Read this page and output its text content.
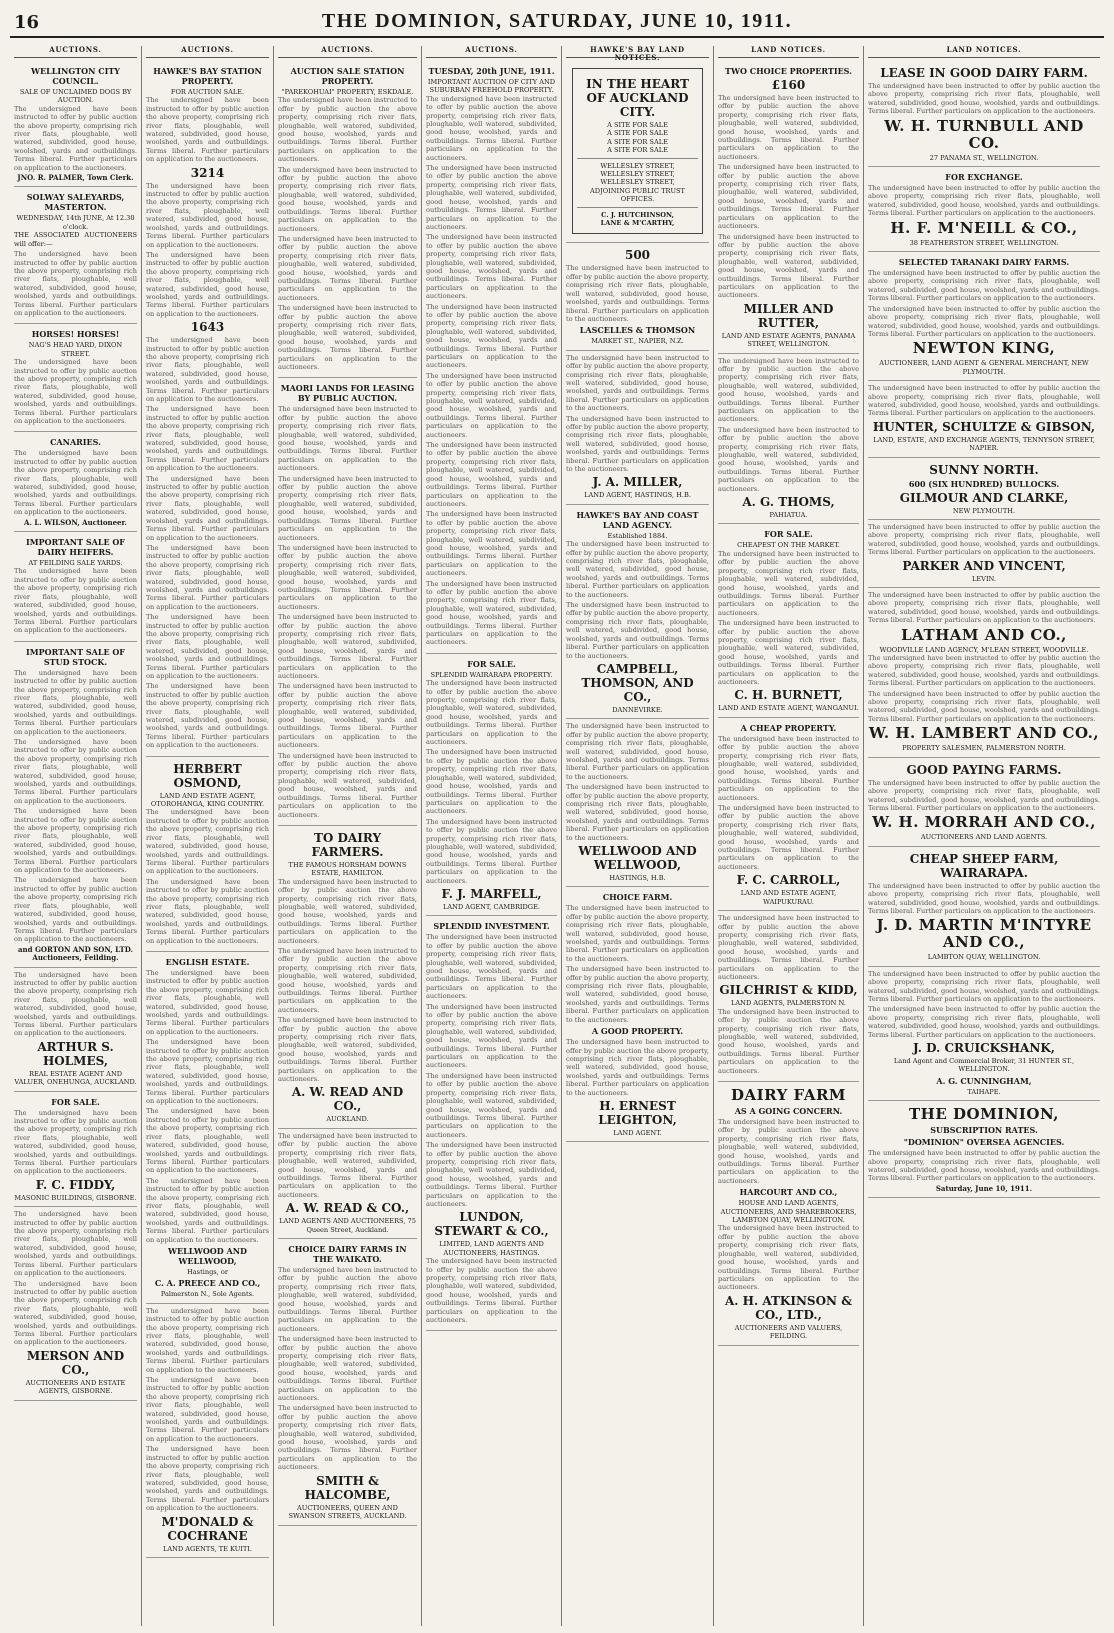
16	THE DOMINION, SATURDAY, JUNE 10, 1911.
AUCTIONS.
WELLINGTON CITY COUNCIL.
SALE OF UNCLAIMED DOGS BY AUCTION.

The undersigned have been instructed to offer by public auction the above property, comprising rich river flats, ploughable, well watered, subdivided, good house, woolshed, yards and outbuildings. Terms liberal. Further particulars on application to the auctioneers.

JNO. R. PALMER, Town Clerk.
SOLWAY SALEYARDS, MASTERTON.
WEDNESDAY, 14th JUNE, At 12.30 o'clock.

THE ASSOCIATED AUCTIONEERS will offer:—

The undersigned have been instructed to offer by public auction the above property, comprising rich river flats, ploughable, well watered, subdivided, good house, woolshed, yards and outbuildings. Terms liberal. Further particulars on application to the auctioneers.

HORSES! HORSES!
NAG'S HEAD YARD, DIXON STREET.

The undersigned have been instructed to offer by public auction the above property, comprising rich river flats, ploughable, well watered, subdivided, good house, woolshed, yards and outbuildings. Terms liberal. Further particulars on application to the auctioneers.

CANARIES.

The undersigned have been instructed to offer by public auction the above property, comprising rich river flats, ploughable, well watered, subdivided, good house, woolshed, yards and outbuildings. Terms liberal. Further particulars on application to the auctioneers.

A. L. WILSON, Auctioneer.
IMPORTANT SALE OF DAIRY HEIFERS.
AT FEILDING SALE YARDS.

The undersigned have been instructed to offer by public auction the above property, comprising rich river flats, ploughable, well watered, subdivided, good house, woolshed, yards and outbuildings. Terms liberal. Further particulars on application to the auctioneers.

IMPORTANT SALE OF STUD STOCK.

The undersigned have been instructed to offer by public auction the above property, comprising rich river flats, ploughable, well watered, subdivided, good house, woolshed, yards and outbuildings. Terms liberal. Further particulars on application to the auctioneers.

The undersigned have been instructed to offer by public auction the above property, comprising rich river flats, ploughable, well watered, subdivided, good house, woolshed, yards and outbuildings. Terms liberal. Further particulars on application to the auctioneers.

The undersigned have been instructed to offer by public auction the above property, comprising rich river flats, ploughable, well watered, subdivided, good house, woolshed, yards and outbuildings. Terms liberal. Further particulars on application to the auctioneers.

The undersigned have been instructed to offer by public auction the above property, comprising rich river flats, ploughable, well watered, subdivided, good house, woolshed, yards and outbuildings. Terms liberal. Further particulars on application to the auctioneers.

and GORTON AND SON, LTD. Auctioneers, Feilding.

The undersigned have been instructed to offer by public auction the above property, comprising rich river flats, ploughable, well watered, subdivided, good house, woolshed, yards and outbuildings. Terms liberal. Further particulars on application to the auctioneers.

ARTHUR S. HOLMES,
REAL ESTATE AGENT AND VALUER, ONEHUNGA, AUCKLAND.
FOR SALE.

The undersigned have been instructed to offer by public auction the above property, comprising rich river flats, ploughable, well watered, subdivided, good house, woolshed, yards and outbuildings. Terms liberal. Further particulars on application to the auctioneers.

F. C. FIDDY,
MASONIC BUILDINGS, GISBORNE.

The undersigned have been instructed to offer by public auction the above property, comprising rich river flats, ploughable, well watered, subdivided, good house, woolshed, yards and outbuildings. Terms liberal. Further particulars on application to the auctioneers.

The undersigned have been instructed to offer by public auction the above property, comprising rich river flats, ploughable, well watered, subdivided, good house, woolshed, yards and outbuildings. Terms liberal. Further particulars on application to the auctioneers.

MERSON AND CO.,
AUCTIONEERS AND ESTATE AGENTS, GISBORNE.
AUCTIONS.
HAWKE'S BAY STATION PROPERTY.
FOR AUCTION SALE.

The undersigned have been instructed to offer by public auction the above property, comprising rich river flats, ploughable, well watered, subdivided, good house, woolshed, yards and outbuildings. Terms liberal. Further particulars on application to the auctioneers.

3214

The undersigned have been instructed to offer by public auction the above property, comprising rich river flats, ploughable, well watered, subdivided, good house, woolshed, yards and outbuildings. Terms liberal. Further particulars on application to the auctioneers.

The undersigned have been instructed to offer by public auction the above property, comprising rich river flats, ploughable, well watered, subdivided, good house, woolshed, yards and outbuildings. Terms liberal. Further particulars on application to the auctioneers.

1643

The undersigned have been instructed to offer by public auction the above property, comprising rich river flats, ploughable, well watered, subdivided, good house, woolshed, yards and outbuildings. Terms liberal. Further particulars on application to the auctioneers.

The undersigned have been instructed to offer by public auction the above property, comprising rich river flats, ploughable, well watered, subdivided, good house, woolshed, yards and outbuildings. Terms liberal. Further particulars on application to the auctioneers.

The undersigned have been instructed to offer by public auction the above property, comprising rich river flats, ploughable, well watered, subdivided, good house, woolshed, yards and outbuildings. Terms liberal. Further particulars on application to the auctioneers.

The undersigned have been instructed to offer by public auction the above property, comprising rich river flats, ploughable, well watered, subdivided, good house, woolshed, yards and outbuildings. Terms liberal. Further particulars on application to the auctioneers.

The undersigned have been instructed to offer by public auction the above property, comprising rich river flats, ploughable, well watered, subdivided, good house, woolshed, yards and outbuildings. Terms liberal. Further particulars on application to the auctioneers.

The undersigned have been instructed to offer by public auction the above property, comprising rich river flats, ploughable, well watered, subdivided, good house, woolshed, yards and outbuildings. Terms liberal. Further particulars on application to the auctioneers.

HERBERT OSMOND,
LAND AND ESTATE AGENT, OTOROHANGA, KING COUNTRY.

The undersigned have been instructed to offer by public auction the above property, comprising rich river flats, ploughable, well watered, subdivided, good house, woolshed, yards and outbuildings. Terms liberal. Further particulars on application to the auctioneers.

The undersigned have been instructed to offer by public auction the above property, comprising rich river flats, ploughable, well watered, subdivided, good house, woolshed, yards and outbuildings. Terms liberal. Further particulars on application to the auctioneers.

ENGLISH ESTATE.

The undersigned have been instructed to offer by public auction the above property, comprising rich river flats, ploughable, well watered, subdivided, good house, woolshed, yards and outbuildings. Terms liberal. Further particulars on application to the auctioneers.

The undersigned have been instructed to offer by public auction the above property, comprising rich river flats, ploughable, well watered, subdivided, good house, woolshed, yards and outbuildings. Terms liberal. Further particulars on application to the auctioneers.

The undersigned have been instructed to offer by public auction the above property, comprising rich river flats, ploughable, well watered, subdivided, good house, woolshed, yards and outbuildings. Terms liberal. Further particulars on application to the auctioneers.

The undersigned have been instructed to offer by public auction the above property, comprising rich river flats, ploughable, well watered, subdivided, good house, woolshed, yards and outbuildings. Terms liberal. Further particulars on application to the auctioneers.

WELLWOOD AND WELLWOOD,
Hastings, or
C. A. PREECE AND CO.,
Palmerston N., Sole Agents.

The undersigned have been instructed to offer by public auction the above property, comprising rich river flats, ploughable, well watered, subdivided, good house, woolshed, yards and outbuildings. Terms liberal. Further particulars on application to the auctioneers.

The undersigned have been instructed to offer by public auction the above property, comprising rich river flats, ploughable, well watered, subdivided, good house, woolshed, yards and outbuildings. Terms liberal. Further particulars on application to the auctioneers.

The undersigned have been instructed to offer by public auction the above property, comprising rich river flats, ploughable, well watered, subdivided, good house, woolshed, yards and outbuildings. Terms liberal. Further particulars on application to the auctioneers.

M'DONALD & COCHRANE
LAND AGENTS, TE KUITI.
AUCTIONS.
AUCTION SALE STATION PROPERTY.
"PAREKOHUAI" PROPERTY, ESKDALE.

The undersigned have been instructed to offer by public auction the above property, comprising rich river flats, ploughable, well watered, subdivided, good house, woolshed, yards and outbuildings. Terms liberal. Further particulars on application to the auctioneers.

The undersigned have been instructed to offer by public auction the above property, comprising rich river flats, ploughable, well watered, subdivided, good house, woolshed, yards and outbuildings. Terms liberal. Further particulars on application to the auctioneers.

The undersigned have been instructed to offer by public auction the above property, comprising rich river flats, ploughable, well watered, subdivided, good house, woolshed, yards and outbuildings. Terms liberal. Further particulars on application to the auctioneers.

The undersigned have been instructed to offer by public auction the above property, comprising rich river flats, ploughable, well watered, subdivided, good house, woolshed, yards and outbuildings. Terms liberal. Further particulars on application to the auctioneers.

MAORI LANDS FOR LEASING BY PUBLIC AUCTION.

The undersigned have been instructed to offer by public auction the above property, comprising rich river flats, ploughable, well watered, subdivided, good house, woolshed, yards and outbuildings. Terms liberal. Further particulars on application to the auctioneers.

The undersigned have been instructed to offer by public auction the above property, comprising rich river flats, ploughable, well watered, subdivided, good house, woolshed, yards and outbuildings. Terms liberal. Further particulars on application to the auctioneers.

The undersigned have been instructed to offer by public auction the above property, comprising rich river flats, ploughable, well watered, subdivided, good house, woolshed, yards and outbuildings. Terms liberal. Further particulars on application to the auctioneers.

The undersigned have been instructed to offer by public auction the above property, comprising rich river flats, ploughable, well watered, subdivided, good house, woolshed, yards and outbuildings. Terms liberal. Further particulars on application to the auctioneers.

The undersigned have been instructed to offer by public auction the above property, comprising rich river flats, ploughable, well watered, subdivided, good house, woolshed, yards and outbuildings. Terms liberal. Further particulars on application to the auctioneers.

The undersigned have been instructed to offer by public auction the above property, comprising rich river flats, ploughable, well watered, subdivided, good house, woolshed, yards and outbuildings. Terms liberal. Further particulars on application to the auctioneers.

TO DAIRY FARMERS.
THE FAMOUS HORSHAM DOWNS ESTATE, HAMILTON.

The undersigned have been instructed to offer by public auction the above property, comprising rich river flats, ploughable, well watered, subdivided, good house, woolshed, yards and outbuildings. Terms liberal. Further particulars on application to the auctioneers.

The undersigned have been instructed to offer by public auction the above property, comprising rich river flats, ploughable, well watered, subdivided, good house, woolshed, yards and outbuildings. Terms liberal. Further particulars on application to the auctioneers.

The undersigned have been instructed to offer by public auction the above property, comprising rich river flats, ploughable, well watered, subdivided, good house, woolshed, yards and outbuildings. Terms liberal. Further particulars on application to the auctioneers.

A. W. READ AND CO.,
AUCKLAND.

The undersigned have been instructed to offer by public auction the above property, comprising rich river flats, ploughable, well watered, subdivided, good house, woolshed, yards and outbuildings. Terms liberal. Further particulars on application to the auctioneers.

A. W. READ & CO.,
LAND AGENTS AND AUCTIONEERS, 75 Queen Street, Auckland.
CHOICE DAIRY FARMS IN THE WAIKATO.

The undersigned have been instructed to offer by public auction the above property, comprising rich river flats, ploughable, well watered, subdivided, good house, woolshed, yards and outbuildings. Terms liberal. Further particulars on application to the auctioneers.

The undersigned have been instructed to offer by public auction the above property, comprising rich river flats, ploughable, well watered, subdivided, good house, woolshed, yards and outbuildings. Terms liberal. Further particulars on application to the auctioneers.

The undersigned have been instructed to offer by public auction the above property, comprising rich river flats, ploughable, well watered, subdivided, good house, woolshed, yards and outbuildings. Terms liberal. Further particulars on application to the auctioneers.

SMITH & HALCOMBE,
AUCTIONEERS, QUEEN AND SWANSON STREETS, AUCKLAND.
AUCTIONS.
TUESDAY, 20th JUNE, 1911.
IMPORTANT AUCTION OF CITY AND SUBURBAN FREEHOLD PROPERTY.

The undersigned have been instructed to offer by public auction the above property, comprising rich river flats, ploughable, well watered, subdivided, good house, woolshed, yards and outbuildings. Terms liberal. Further particulars on application to the auctioneers.

The undersigned have been instructed to offer by public auction the above property, comprising rich river flats, ploughable, well watered, subdivided, good house, woolshed, yards and outbuildings. Terms liberal. Further particulars on application to the auctioneers.

The undersigned have been instructed to offer by public auction the above property, comprising rich river flats, ploughable, well watered, subdivided, good house, woolshed, yards and outbuildings. Terms liberal. Further particulars on application to the auctioneers.

The undersigned have been instructed to offer by public auction the above property, comprising rich river flats, ploughable, well watered, subdivided, good house, woolshed, yards and outbuildings. Terms liberal. Further particulars on application to the auctioneers.

The undersigned have been instructed to offer by public auction the above property, comprising rich river flats, ploughable, well watered, subdivided, good house, woolshed, yards and outbuildings. Terms liberal. Further particulars on application to the auctioneers.

The undersigned have been instructed to offer by public auction the above property, comprising rich river flats, ploughable, well watered, subdivided, good house, woolshed, yards and outbuildings. Terms liberal. Further particulars on application to the auctioneers.

The undersigned have been instructed to offer by public auction the above property, comprising rich river flats, ploughable, well watered, subdivided, good house, woolshed, yards and outbuildings. Terms liberal. Further particulars on application to the auctioneers.

The undersigned have been instructed to offer by public auction the above property, comprising rich river flats, ploughable, well watered, subdivided, good house, woolshed, yards and outbuildings. Terms liberal. Further particulars on application to the auctioneers.

FOR SALE.
SPLENDID WAIRARAPA PROPERTY.

The undersigned have been instructed to offer by public auction the above property, comprising rich river flats, ploughable, well watered, subdivided, good house, woolshed, yards and outbuildings. Terms liberal. Further particulars on application to the auctioneers.

The undersigned have been instructed to offer by public auction the above property, comprising rich river flats, ploughable, well watered, subdivided, good house, woolshed, yards and outbuildings. Terms liberal. Further particulars on application to the auctioneers.

The undersigned have been instructed to offer by public auction the above property, comprising rich river flats, ploughable, well watered, subdivided, good house, woolshed, yards and outbuildings. Terms liberal. Further particulars on application to the auctioneers.

F. J. MARFELL,
LAND AGENT, CAMBRIDGE.
SPLENDID INVESTMENT.

The undersigned have been instructed to offer by public auction the above property, comprising rich river flats, ploughable, well watered, subdivided, good house, woolshed, yards and outbuildings. Terms liberal. Further particulars on application to the auctioneers.

The undersigned have been instructed to offer by public auction the above property, comprising rich river flats, ploughable, well watered, subdivided, good house, woolshed, yards and outbuildings. Terms liberal. Further particulars on application to the auctioneers.

The undersigned have been instructed to offer by public auction the above property, comprising rich river flats, ploughable, well watered, subdivided, good house, woolshed, yards and outbuildings. Terms liberal. Further particulars on application to the auctioneers.

The undersigned have been instructed to offer by public auction the above property, comprising rich river flats, ploughable, well watered, subdivided, good house, woolshed, yards and outbuildings. Terms liberal. Further particulars on application to the auctioneers.

LUNDON, STEWART & CO.,
LIMITED, LAND AGENTS AND AUCTIONEERS, HASTINGS.

The undersigned have been instructed to offer by public auction the above property, comprising rich river flats, ploughable, well watered, subdivided, good house, woolshed, yards and outbuildings. Terms liberal. Further particulars on application to the auctioneers.

HAWKE'S BAY LAND NOTICES.
IN THE HEART OF AUCKLAND CITY.
A SITE FOR SALE
A SITE FOR SALE
A SITE FOR SALE
A SITE FOR SALE
WELLESLEY STREET,
WELLESLEY STREET,
WELLESLEY STREET,
ADJOINING PUBLIC TRUST OFFICES.
C. J. HUTCHINSON,
LANE & M'CARTHY,
500

The undersigned have been instructed to offer by public auction the above property, comprising rich river flats, ploughable, well watered, subdivided, good house, woolshed, yards and outbuildings. Terms liberal. Further particulars on application to the auctioneers.

LASCELLES & THOMSON
MARKET ST., NAPIER, N.Z.

The undersigned have been instructed to offer by public auction the above property, comprising rich river flats, ploughable, well watered, subdivided, good house, woolshed, yards and outbuildings. Terms liberal. Further particulars on application to the auctioneers.

The undersigned have been instructed to offer by public auction the above property, comprising rich river flats, ploughable, well watered, subdivided, good house, woolshed, yards and outbuildings. Terms liberal. Further particulars on application to the auctioneers.

J. A. MILLER,
LAND AGENT, HASTINGS, H.B.
HAWKE'S BAY AND COAST LAND AGENCY.
Established 1884.

The undersigned have been instructed to offer by public auction the above property, comprising rich river flats, ploughable, well watered, subdivided, good house, woolshed, yards and outbuildings. Terms liberal. Further particulars on application to the auctioneers.

The undersigned have been instructed to offer by public auction the above property, comprising rich river flats, ploughable, well watered, subdivided, good house, woolshed, yards and outbuildings. Terms liberal. Further particulars on application to the auctioneers.

CAMPBELL, THOMSON, AND CO.,
DANNEVIRKE.

The undersigned have been instructed to offer by public auction the above property, comprising rich river flats, ploughable, well watered, subdivided, good house, woolshed, yards and outbuildings. Terms liberal. Further particulars on application to the auctioneers.

The undersigned have been instructed to offer by public auction the above property, comprising rich river flats, ploughable, well watered, subdivided, good house, woolshed, yards and outbuildings. Terms liberal. Further particulars on application to the auctioneers.

WELLWOOD AND WELLWOOD,
HASTINGS, H.B.
CHOICE FARM.

The undersigned have been instructed to offer by public auction the above property, comprising rich river flats, ploughable, well watered, subdivided, good house, woolshed, yards and outbuildings. Terms liberal. Further particulars on application to the auctioneers.

The undersigned have been instructed to offer by public auction the above property, comprising rich river flats, ploughable, well watered, subdivided, good house, woolshed, yards and outbuildings. Terms liberal. Further particulars on application to the auctioneers.

A GOOD PROPERTY.

The undersigned have been instructed to offer by public auction the above property, comprising rich river flats, ploughable, well watered, subdivided, good house, woolshed, yards and outbuildings. Terms liberal. Further particulars on application to the auctioneers.

H. ERNEST LEIGHTON,
LAND AGENT.
LAND NOTICES.
TWO CHOICE PROPERTIES.
£160

The undersigned have been instructed to offer by public auction the above property, comprising rich river flats, ploughable, well watered, subdivided, good house, woolshed, yards and outbuildings. Terms liberal. Further particulars on application to the auctioneers.

The undersigned have been instructed to offer by public auction the above property, comprising rich river flats, ploughable, well watered, subdivided, good house, woolshed, yards and outbuildings. Terms liberal. Further particulars on application to the auctioneers.

The undersigned have been instructed to offer by public auction the above property, comprising rich river flats, ploughable, well watered, subdivided, good house, woolshed, yards and outbuildings. Terms liberal. Further particulars on application to the auctioneers.

MILLER AND RUTTER,
LAND AND ESTATE AGENTS, PANAMA STREET, WELLINGTON.

The undersigned have been instructed to offer by public auction the above property, comprising rich river flats, ploughable, well watered, subdivided, good house, woolshed, yards and outbuildings. Terms liberal. Further particulars on application to the auctioneers.

The undersigned have been instructed to offer by public auction the above property, comprising rich river flats, ploughable, well watered, subdivided, good house, woolshed, yards and outbuildings. Terms liberal. Further particulars on application to the auctioneers.

A. G. THOMS,
PAHIATUA.
FOR SALE.
CHEAPEST ON THE MARKET.

The undersigned have been instructed to offer by public auction the above property, comprising rich river flats, ploughable, well watered, subdivided, good house, woolshed, yards and outbuildings. Terms liberal. Further particulars on application to the auctioneers.

The undersigned have been instructed to offer by public auction the above property, comprising rich river flats, ploughable, well watered, subdivided, good house, woolshed, yards and outbuildings. Terms liberal. Further particulars on application to the auctioneers.

C. H. BURNETT,
LAND AND ESTATE AGENT, WANGANUI.
A CHEAP PROPERTY.

The undersigned have been instructed to offer by public auction the above property, comprising rich river flats, ploughable, well watered, subdivided, good house, woolshed, yards and outbuildings. Terms liberal. Further particulars on application to the auctioneers.

The undersigned have been instructed to offer by public auction the above property, comprising rich river flats, ploughable, well watered, subdivided, good house, woolshed, yards and outbuildings. Terms liberal. Further particulars on application to the auctioneers.

F. C. CARROLL,
LAND AND ESTATE AGENT, WAIPUKURAU.

The undersigned have been instructed to offer by public auction the above property, comprising rich river flats, ploughable, well watered, subdivided, good house, woolshed, yards and outbuildings. Terms liberal. Further particulars on application to the auctioneers.

GILCHRIST & KIDD,
LAND AGENTS, PALMERSTON N.

The undersigned have been instructed to offer by public auction the above property, comprising rich river flats, ploughable, well watered, subdivided, good house, woolshed, yards and outbuildings. Terms liberal. Further particulars on application to the auctioneers.

DAIRY FARM
AS A GOING CONCERN.

The undersigned have been instructed to offer by public auction the above property, comprising rich river flats, ploughable, well watered, subdivided, good house, woolshed, yards and outbuildings. Terms liberal. Further particulars on application to the auctioneers.

HARCOURT AND CO.,
HOUSE AND LAND AGENTS, AUCTIONEERS, AND SHAREBROKERS, LAMBTON QUAY, WELLINGTON.

The undersigned have been instructed to offer by public auction the above property, comprising rich river flats, ploughable, well watered, subdivided, good house, woolshed, yards and outbuildings. Terms liberal. Further particulars on application to the auctioneers.

A. H. ATKINSON & CO., LTD.,
AUCTIONEERS AND VALUERS, FEILDING.
LAND NOTICES.
LEASE IN GOOD DAIRY FARM.

The undersigned have been instructed to offer by public auction the above property, comprising rich river flats, ploughable, well watered, subdivided, good house, woolshed, yards and outbuildings. Terms liberal. Further particulars on application to the auctioneers.

W. H. TURNBULL AND CO.
27 PANAMA ST., WELLINGTON.
FOR EXCHANGE.

The undersigned have been instructed to offer by public auction the above property, comprising rich river flats, ploughable, well watered, subdivided, good house, woolshed, yards and outbuildings. Terms liberal. Further particulars on application to the auctioneers.

H. F. M'NEILL & CO.,
38 FEATHERSTON STREET, WELLINGTON.
SELECTED TARANAKI DAIRY FARMS.

The undersigned have been instructed to offer by public auction the above property, comprising rich river flats, ploughable, well watered, subdivided, good house, woolshed, yards and outbuildings. Terms liberal. Further particulars on application to the auctioneers.

The undersigned have been instructed to offer by public auction the above property, comprising rich river flats, ploughable, well watered, subdivided, good house, woolshed, yards and outbuildings. Terms liberal. Further particulars on application to the auctioneers.

NEWTON KING,
AUCTIONEER, LAND AGENT & GENERAL MERCHANT, NEW PLYMOUTH.

The undersigned have been instructed to offer by public auction the above property, comprising rich river flats, ploughable, well watered, subdivided, good house, woolshed, yards and outbuildings. Terms liberal. Further particulars on application to the auctioneers.

HUNTER, SCHULTZE & GIBSON,
LAND, ESTATE, AND EXCHANGE AGENTS, TENNYSON STREET, NAPIER.
SUNNY NORTH.
600 (SIX HUNDRED) BULLOCKS.
GILMOUR AND CLARKE,
NEW PLYMOUTH.

The undersigned have been instructed to offer by public auction the above property, comprising rich river flats, ploughable, well watered, subdivided, good house, woolshed, yards and outbuildings. Terms liberal. Further particulars on application to the auctioneers.

PARKER AND VINCENT,
LEVIN.

The undersigned have been instructed to offer by public auction the above property, comprising rich river flats, ploughable, well watered, subdivided, good house, woolshed, yards and outbuildings. Terms liberal. Further particulars on application to the auctioneers.

LATHAM AND CO.,
WOODVILLE LAND AGENCY, M'LEAN STREET, WOODVILLE.

The undersigned have been instructed to offer by public auction the above property, comprising rich river flats, ploughable, well watered, subdivided, good house, woolshed, yards and outbuildings. Terms liberal. Further particulars on application to the auctioneers.

The undersigned have been instructed to offer by public auction the above property, comprising rich river flats, ploughable, well watered, subdivided, good house, woolshed, yards and outbuildings. Terms liberal. Further particulars on application to the auctioneers.

W. H. LAMBERT AND CO.,
PROPERTY SALESMEN, PALMERSTON NORTH.
GOOD PAYING FARMS.

The undersigned have been instructed to offer by public auction the above property, comprising rich river flats, ploughable, well watered, subdivided, good house, woolshed, yards and outbuildings. Terms liberal. Further particulars on application to the auctioneers.

W. H. MORRAH AND CO.,
AUCTIONEERS AND LAND AGENTS.
CHEAP SHEEP FARM, WAIRARAPA.

The undersigned have been instructed to offer by public auction the above property, comprising rich river flats, ploughable, well watered, subdivided, good house, woolshed, yards and outbuildings. Terms liberal. Further particulars on application to the auctioneers.

J. D. MARTIN M'INTYRE AND CO.,
LAMBTON QUAY, WELLINGTON.

The undersigned have been instructed to offer by public auction the above property, comprising rich river flats, ploughable, well watered, subdivided, good house, woolshed, yards and outbuildings. Terms liberal. Further particulars on application to the auctioneers.

The undersigned have been instructed to offer by public auction the above property, comprising rich river flats, ploughable, well watered, subdivided, good house, woolshed, yards and outbuildings. Terms liberal. Further particulars on application to the auctioneers.

J. D. CRUICKSHANK,
Land Agent and Commercial Broker, 31 HUNTER ST., WELLINGTON.
A. G. CUNNINGHAM,
TAIHAPE.
THE DOMINION,
SUBSCRIPTION RATES.
"DOMINION" OVERSEA AGENCIES.

The undersigned have been instructed to offer by public auction the above property, comprising rich river flats, ploughable, well watered, subdivided, good house, woolshed, yards and outbuildings. Terms liberal. Further particulars on application to the auctioneers.

Saturday, June 10, 1911.
